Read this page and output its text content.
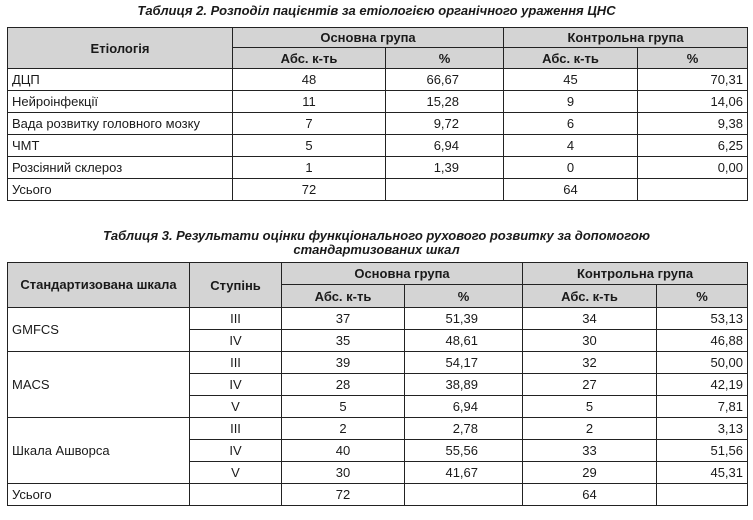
Таблиця 2. Розподіл пацієнтів за етіологією органічного ураження ЦНС
Етіологія	Основна група		Контрольна група	
	Абс. к-ть	%	Абс. к-ть	%
ДЦП	48	66,67	45	70,31
Нейроінфекції	11	15,28	9	14,06
Вада розвитку головного мозку	7	9,72	6	9,38
ЧМТ	5	6,94	4	6,25
Розсіяний склероз	1	1,39	0	0,00
Усього	72		64	
Таблиця 3. Результати оцінки функціонального рухового розвитку за допомогою
стандартизованих шкал
Стандартизована шкала	Ступінь	Основна група		Контрольна група	
		Абс. к-ть	%	Абс. к-ть	%
GMFCS	III	37	51,39	34	53,13
	IV	35	48,61	30	46,88
MACS	III	39	54,17	32	50,00
	IV	28	38,89	27	42,19
	V	5	6,94	5	7,81
Шкала Ашворса	III	2	2,78	2	3,13
	IV	40	55,56	33	51,56
	V	30	41,67	29	45,31
Усього		72		64	
